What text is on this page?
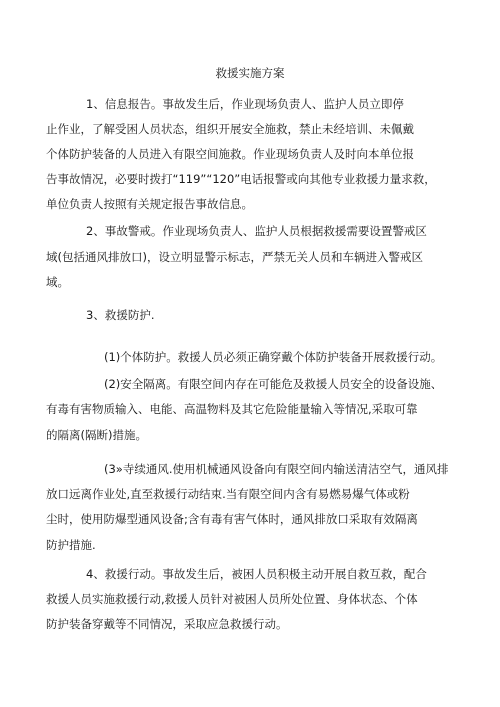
救援实施方案
1、信息报告。事故发生后，作业现场负责人、监护人员立即停
止作业，了解受困人员状态，组织开展安全施救，禁止未经培训、未佩戴
个体防护装备的人员进入有限空间施救。作业现场负责人及时向本单位报
告事故情况，必要时拨打“119”“120”电话报警或向其他专业救援力量求救，
单位负责人按照有关规定报告事故信息。
2、事故警戒。作业现场负责人、监护人员根据救援需要设置警戒区
域(包括通风排放口)，设立明显警示标志，严禁无关人员和车辆进入警戒区
域。
3、救援防护.
(1)个体防护。救援人员必须正确穿戴个体防护装备开展救援行动。
(2)安全隔离。有限空间内存在可能危及救援人员安全的设备设施、
有毒有害物质输入、电能、高温物料及其它危险能量输入等情况,采取可靠
的隔离(隔断)措施。
(3»寺续通风.使用机械通风设备向有限空间内输送清洁空气，通风排
放口远离作业处,直至救援行动结束.当有限空间内含有易燃易爆气体或粉
尘时，使用防爆型通风设备;含有毒有害气体时，通风排放口采取有效隔离
防护措施.
4、救援行动。事故发生后，被困人员积极主动开展自救互救，配合
救援人员实施救援行动,救援人员针对被困人员所处位置、身体状态、个体
防护装备穿戴等不同情况，采取应急救援行动。
